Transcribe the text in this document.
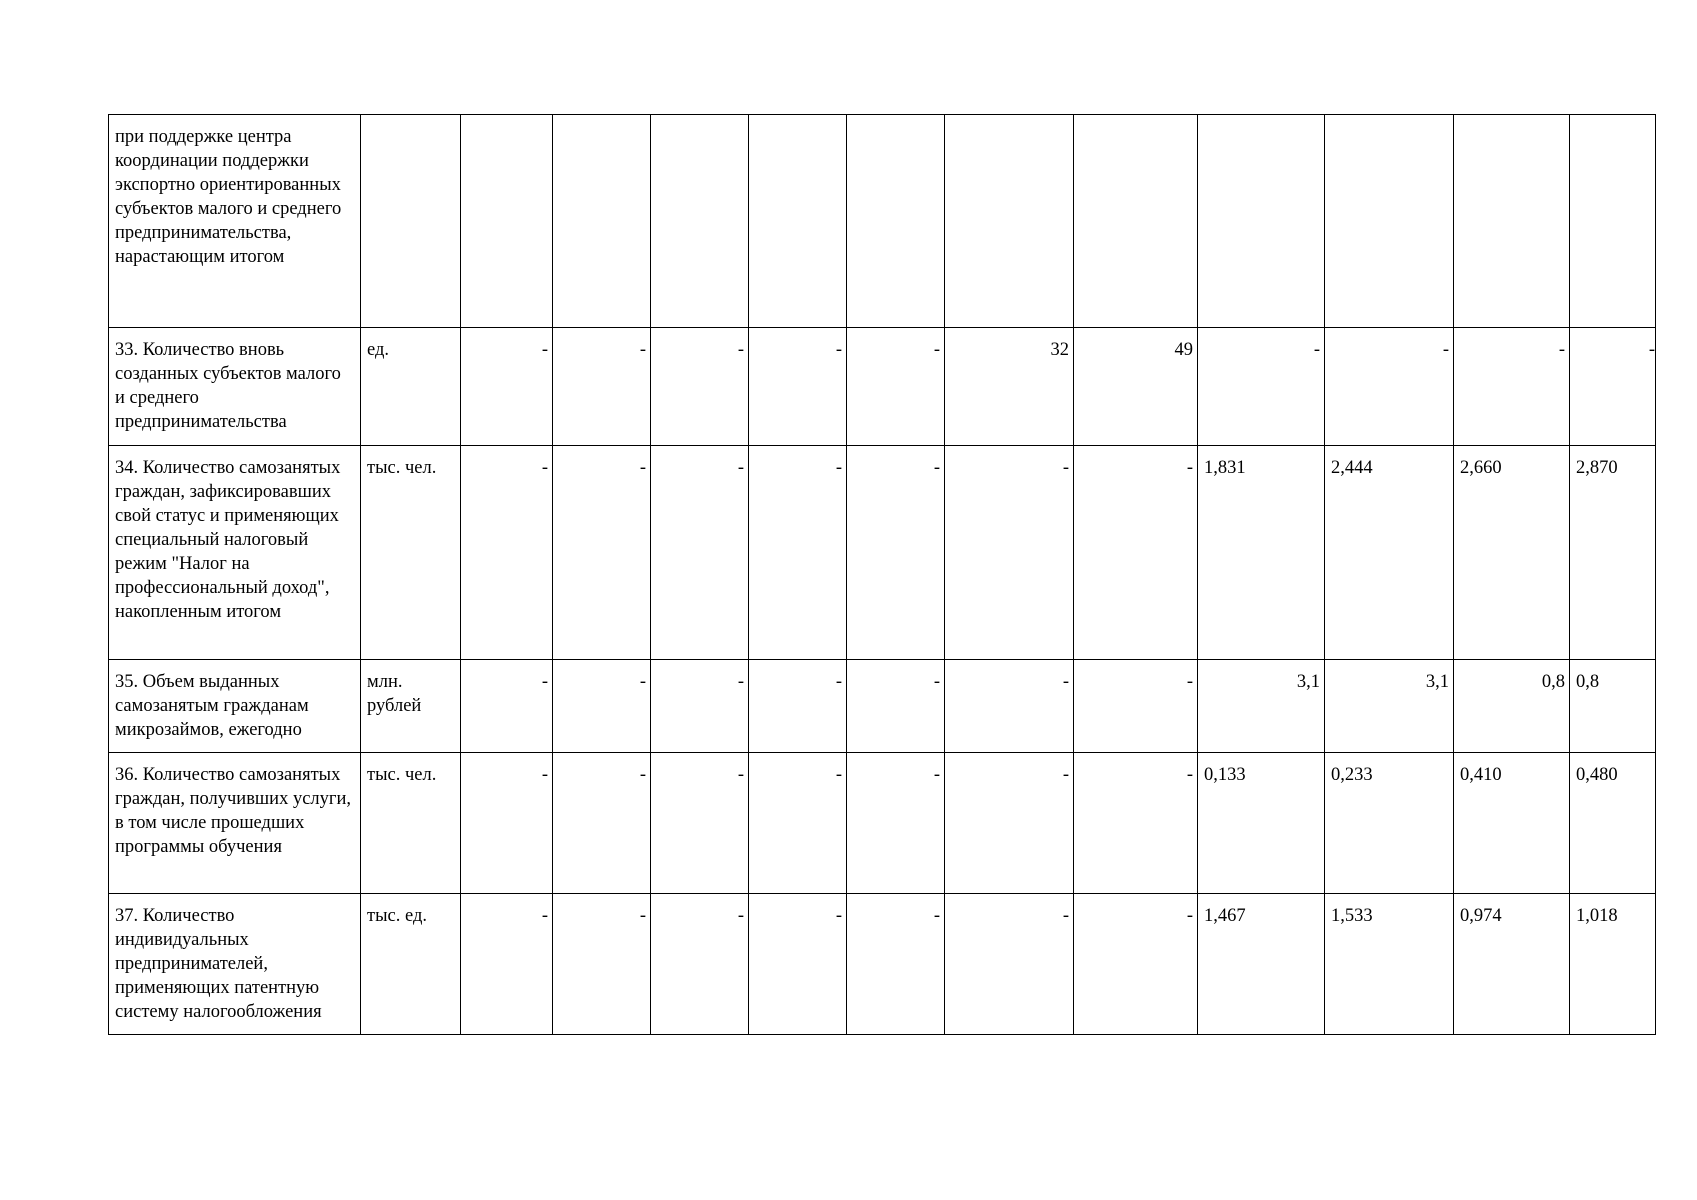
при поддержке центра координации поддержки экспортно ориентированных субъектов малого и среднего предпринимательства, нарастающим итогом												
33. Количество вновь созданных субъектов малого и среднего предпринимательства	ед.	-	-	-	-	-	32	49	-	-	-	-
34. Количество самозанятых граждан, зафиксировавших свой статус и применяющих специальный налоговый режим "Налог на профессиональный доход", накопленным итогом	тыс. чел.	-	-	-	-	-	-	-	1,831	2,444	2,660	2,870
35. Объем выданных самозанятым гражданам микрозаймов, ежегодно	млн. рублей	-	-	-	-	-	-	-	3,1	3,1	0,8	0,8
36. Количество самозанятых граждан, получивших услуги, в том числе прошедших программы обучения	тыс. чел.	-	-	-	-	-	-	-	0,133	0,233	0,410	0,480
37. Количество индивидуальных предпринимателей, применяющих патентную систему налогообложения	тыс. ед.	-	-	-	-	-	-	-	1,467	1,533	0,974	1,018
